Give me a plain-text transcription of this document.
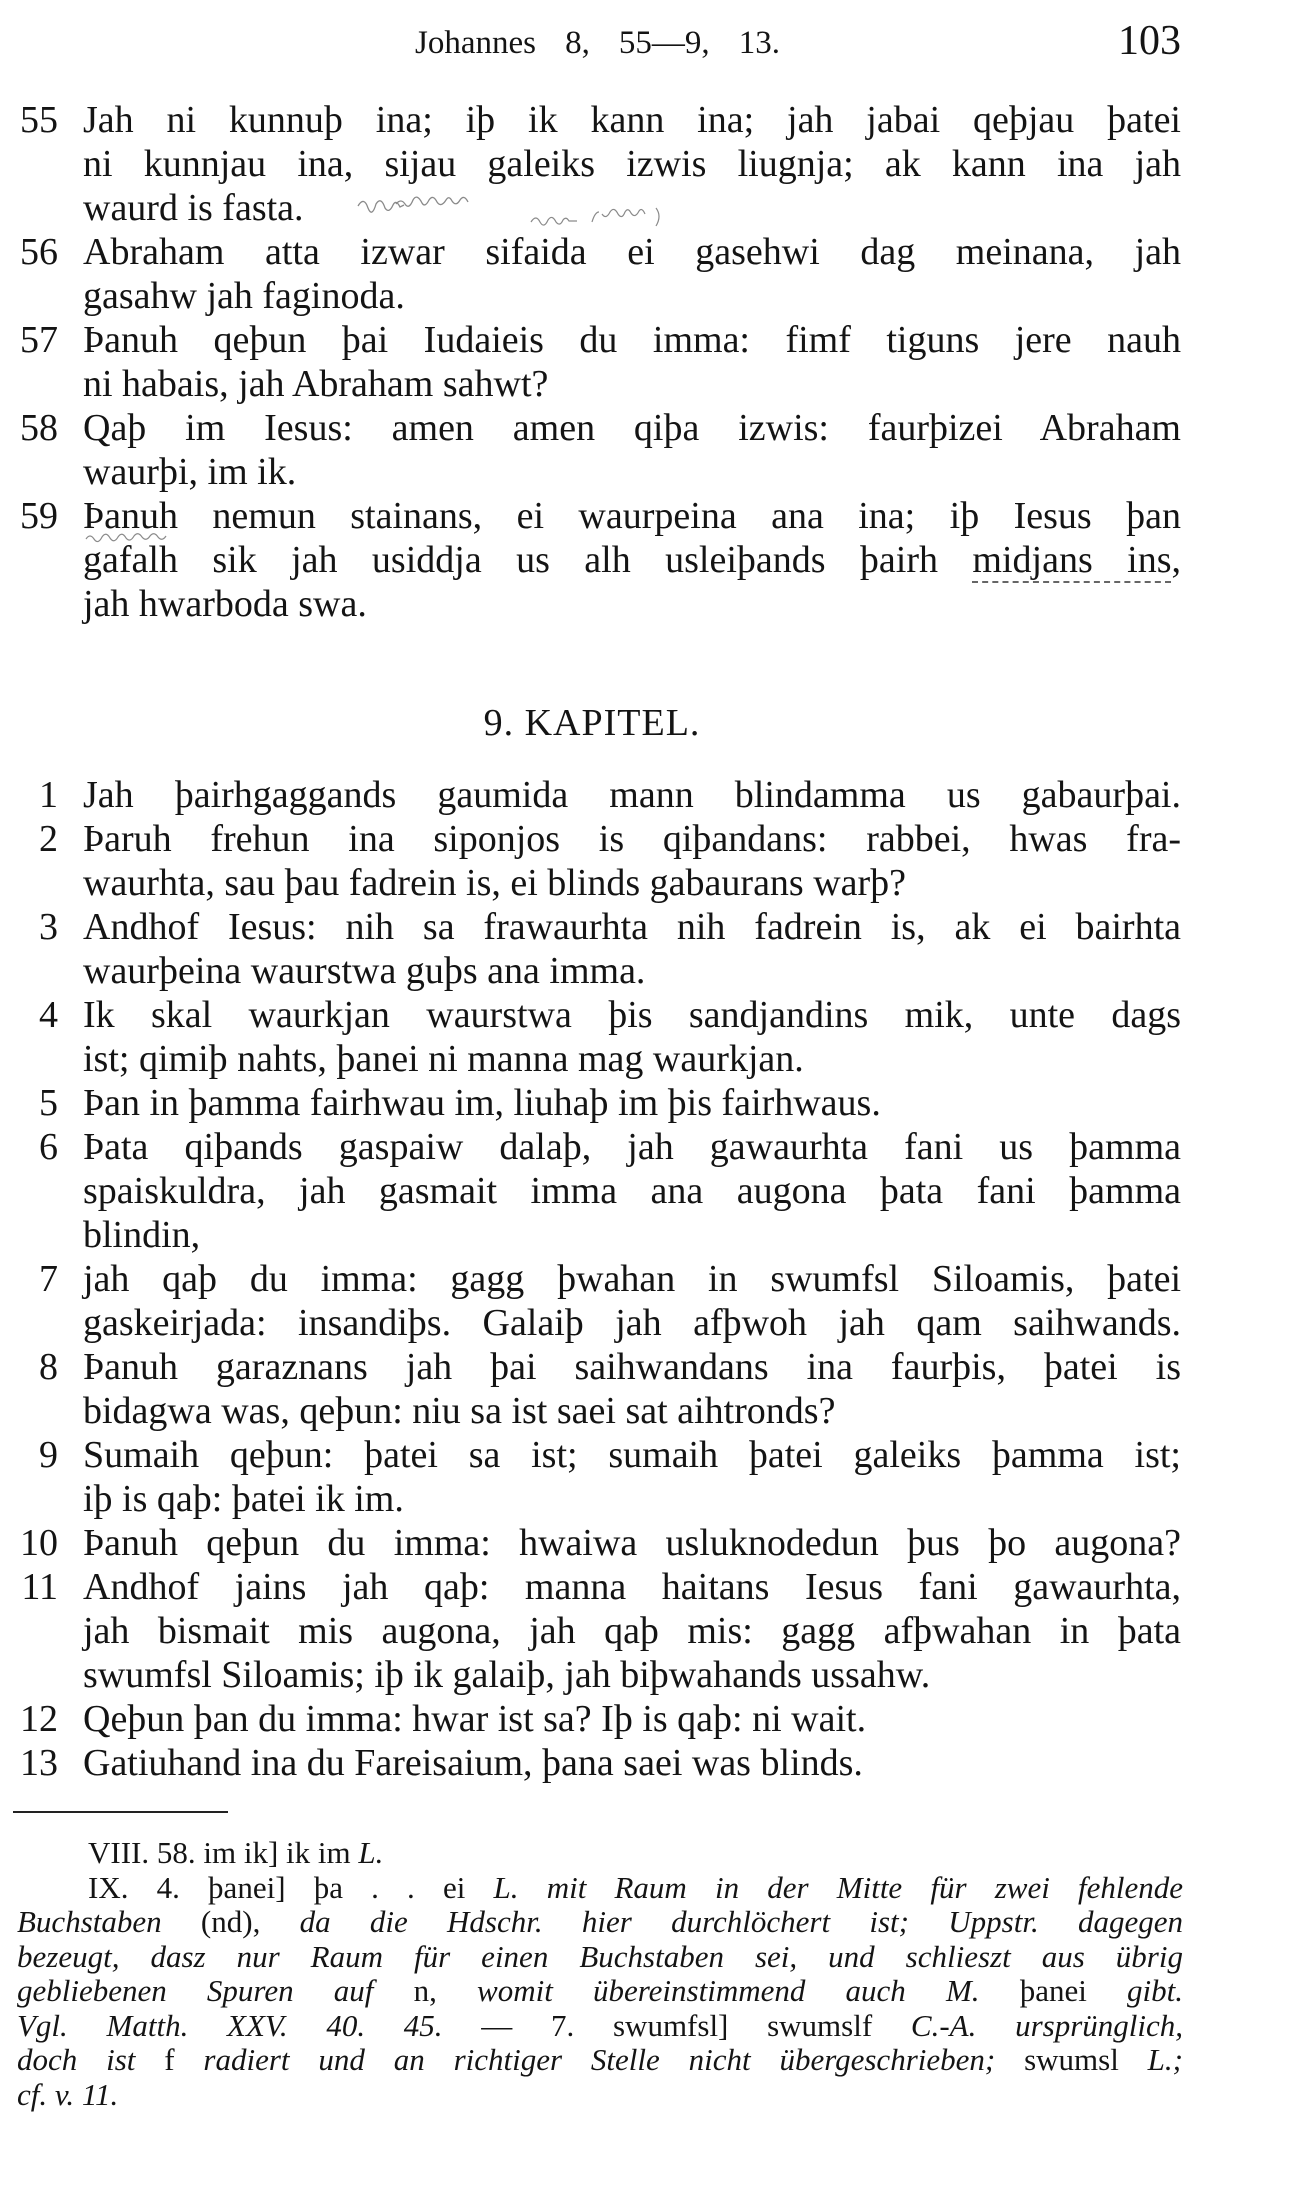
Johannes 8, 55—9, 13.	103
55 Jah ni kunnuþ ina; iþ ik kann ina; jah jabai qeþjau þatei
ni kunnjau ina, sijau galeiks izwis liugnja; ak kann ina jah
waurd is fasta.
56 Abraham atta izwar sifaida ei gasehwi dag meinana, jah
gasahw jah faginoda.
57 Þanuh qeþun þai Iudaieis du imma: fimf tiguns jere nauh
ni habais, jah Abraham sahwt?
58 Qaþ im Iesus: amen amen qiþa izwis: faurþizei Abraham
waurþi, im ik.
59 Þanuh nemun stainans, ei waurpeina ana ina; iþ Iesus þan
gafalh sik jah usiddja us alh usleiþands þairh midjans ins,
jah hwarboda swa.
9. KAPITEL.
1 Jah þairhgaggands gaumida mann blindamma us gabaurþai.
2 Þaruh frehun ina siponjos is qiþandans: rabbei, hwas fra-
waurhta, sau þau fadrein is, ei blinds gabaurans warþ?
3 Andhof Iesus: nih sa frawaurhta nih fadrein is, ak ei bairhta
waurþeina waurstwa guþs ana imma.
4 Ik skal waurkjan waurstwa þis sandjandins mik, unte dags
ist; qimiþ nahts, þanei ni manna mag waurkjan.
5 Þan in þamma fairhwau im, liuhaþ im þis fairhwaus.
6 Þata qiþands gaspaiw dalaþ, jah gawaurhta fani us þamma
spaiskuldra, jah gasmait imma ana augona þata fani þamma
blindin,
7 jah qaþ du imma: gagg þwahan in swumfsl Siloamis, þatei
gaskeirjada: insandiþs. Galaiþ jah afþwoh jah qam saihwands.
8 Þanuh garaznans jah þai saihwandans ina faurþis, þatei is
bidagwa was, qeþun: niu sa ist saei sat aihtronds?
9 Sumaih qeþun: þatei sa ist; sumaih þatei galeiks þamma ist;
iþ is qaþ: þatei ik im.
10 Þanuh qeþun du imma: hwaiwa usluknodedun þus þo augona?
11 Andhof jains jah qaþ: manna haitans Iesus fani gawaurhta,
jah bismait mis augona, jah qaþ mis: gagg afþwahan in þata
swumfsl Siloamis; iþ ik galaiþ, jah biþwahands ussahw.
12 Qeþun þan du imma: hwar ist sa? Iþ is qaþ: ni wait.
13 Gatiuhand ina du Fareisaium, þana saei was blinds.
VIII. 58. im ik] ik im L.
IX. 4. þanei] þa . . ei L. mit Raum in der Mitte für zwei fehlende
Buchstaben (nd), da die Hdschr. hier durchlöchert ist; Uppstr. dagegen
bezeugt, dasz nur Raum für einen Buchstaben sei, und schlieszt aus übrig
gebliebenen Spuren auf n, womit übereinstimmend auch M. þanei gibt.
Vgl. Matth. XXV. 40. 45. — 7. swumfsl] swumslf C.-A. ursprünglich,
doch ist f radiert und an richtiger Stelle nicht übergeschrieben; swumsl L.;
cf. v. 11.
